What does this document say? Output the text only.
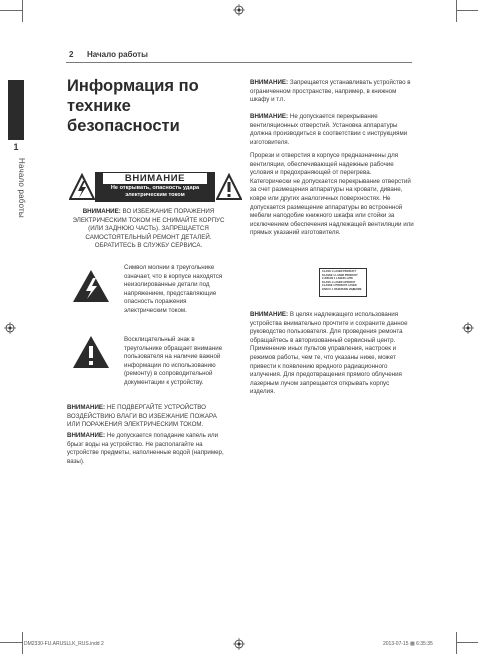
2 Начало работы
1
Начало работы
Информация по технике безопасности
ВНИМАНИЕ
Не открывать, опасность удара электрическим током
ВНИМАНИЕ: ВО ИЗБЕЖАНИЕ ПОРАЖЕНИЯ ЭЛЕКТРИЧЕСКИМ ТОКОМ НЕ СНИМАЙТЕ КОРПУС (ИЛИ ЗАДНЮЮ ЧАСТЬ). ЗАПРЕЩАЕТСЯ САМОСТОЯТЕЛЬНЫЙ РЕМОНТ ДЕТАЛЕЙ. ОБРАТИТЕСЬ В СЛУЖБУ СЕРВИСА.
Символ молнии в треугольнике означает, что в корпусе находятся неизолированные детали под напряжением, представляющие опасность поражения электрическим током.
Восклицательный знак в треугольнике обращает внимание пользователя на наличие важной информации по использованию (ремонту) в сопроводительной документации к устройству.
ВНИМАНИЕ: НЕ ПОДВЕРГАЙТЕ УСТРОЙСТВО ВОЗДЕЙСТВИЮ ВЛАГИ ВО ИЗБЕЖАНИЕ ПОЖАРА ИЛИ ПОРАЖЕНИЯ ЭЛЕКТРИЧЕСКИМ ТОКОМ.
ВНИМАНИЕ: Не допускается попадание капель или брызг воды на устройство. Не располагайте на устройстве предметы, наполненные водой (например, вазы).
ВНИМАНИЕ: Запрещается устанавливать устройство в ограниченном пространстве, например, в книжном шкафу и т.п.
ВНИМАНИЕ: Не допускается перекрывание вентиляционных отверстий. Установка аппаратуры должна производиться в соответствии с инструкциями изготовителя.
Прорези и отверстия в корпусе предназначены для вентиляции, обеспечивающей надежные рабочие условия и предохраняющей от перегрева. Категорически не допускается перекрывание отверстий за счет размещения аппаратуры на кровати, диване, ковре или других аналогичных поверхностях. Не допускается размещение аппаратуры во встроенной мебели наподобие книжного шкафа или стойки за исключением обеспечения надлежащей вентиляции или прямых указаний изготовителя.
CLASS 1 LASER PRODUCT
KLASSE 1 LASER PRODUKT
LUOKAN 1 LASER LAITE
KLASS 1 LASER APPARAT
CLASSE 1 PRODUIT LASER
КЛАСС 1 ЛАЗЕРНОЕ ИЗДЕЛИЕ
ВНИМАНИЕ: В целях надлежащего использования устройства внимательно прочтите и сохраните данное руководство пользователя. Для проведения ремонта обращайтесь в авторизованный сервисный центр. Применение иных пультов управления, настроек и режимов работы, чем те, что указаны ниже, может привести к появлению вредного радиационного излучения. Для предотвращения прямого облучения лазерным лучом запрещается открывать корпус изделия.
DM2330-FU.ARUSLLK_RUS.indd 2	2013-07-15 ▩ 6:35:35
